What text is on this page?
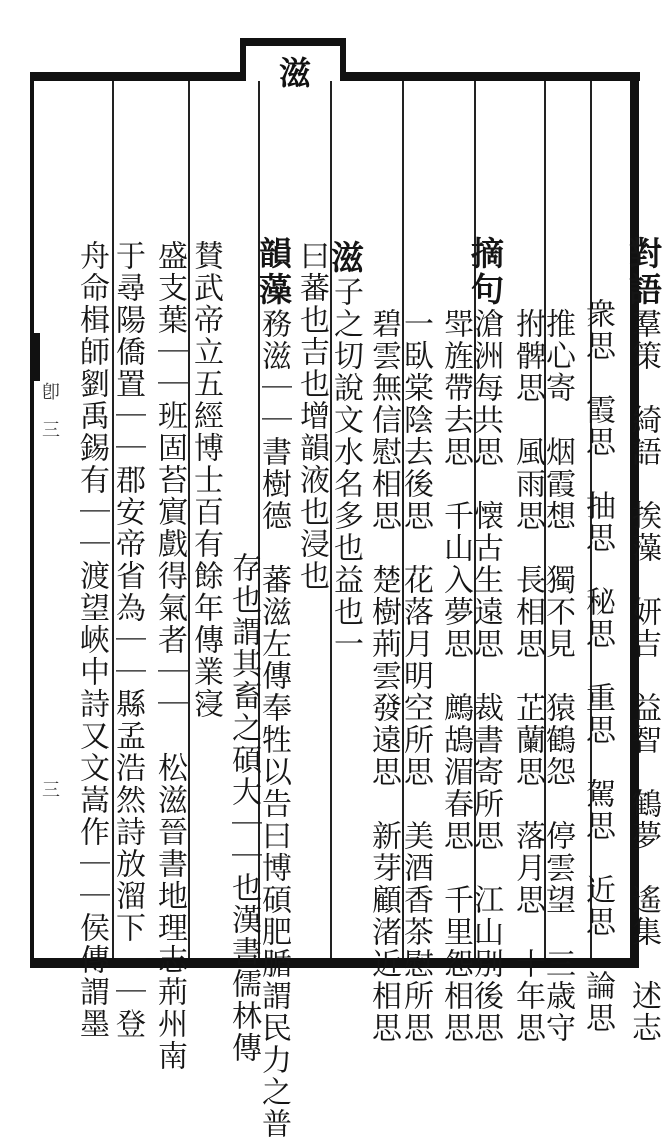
卽
三
三
滋

對語羣策　綺語　挨藻　妍吉　益智　鶴夢　遙集　述志

衆思　霞思　抽思　秘思　重思　駕思　近思　論思

推心寄　烟霞想　獨不見　猿鶴怨　停雲望　三歳守

拊髀思　風雨思　長相思　芷蘭思　落月思　十年思

摘句滄洲每共思　懐古生遠思　裁書寄所思　江山別後思

斝旌帶去思　千山入夢思　鷓鴣湄春思　千里怨相思

一臥棠陰去後思　花落月明空所思　美酒香茶慰所思

碧雲無信慰相思　楚樹荊雲發遠思　新芽顧渚近相思

滋子之切說文水名多也益也一

曰蕃也吉也增韻液也浸也

韻藻務滋｜｜書樹德　蕃滋左傳奉牲以告曰博碩肥腯謂民力之普

存也謂其畜之碩大｜｜也漢書儒林傳

賛武帝立五經博士百有餘年傳業寖

盛支葉｜｜班固苔賔戲得氣者｜｜　松滋晉書地理志荊州南

于尋陽僑置｜｜郡安帝省為｜｜縣孟浩然詩放溜下｜｜登

舟命楫師劉禹錫有｜｜渡望峽中詩又文嵩作｜｜侯傳謂墨
